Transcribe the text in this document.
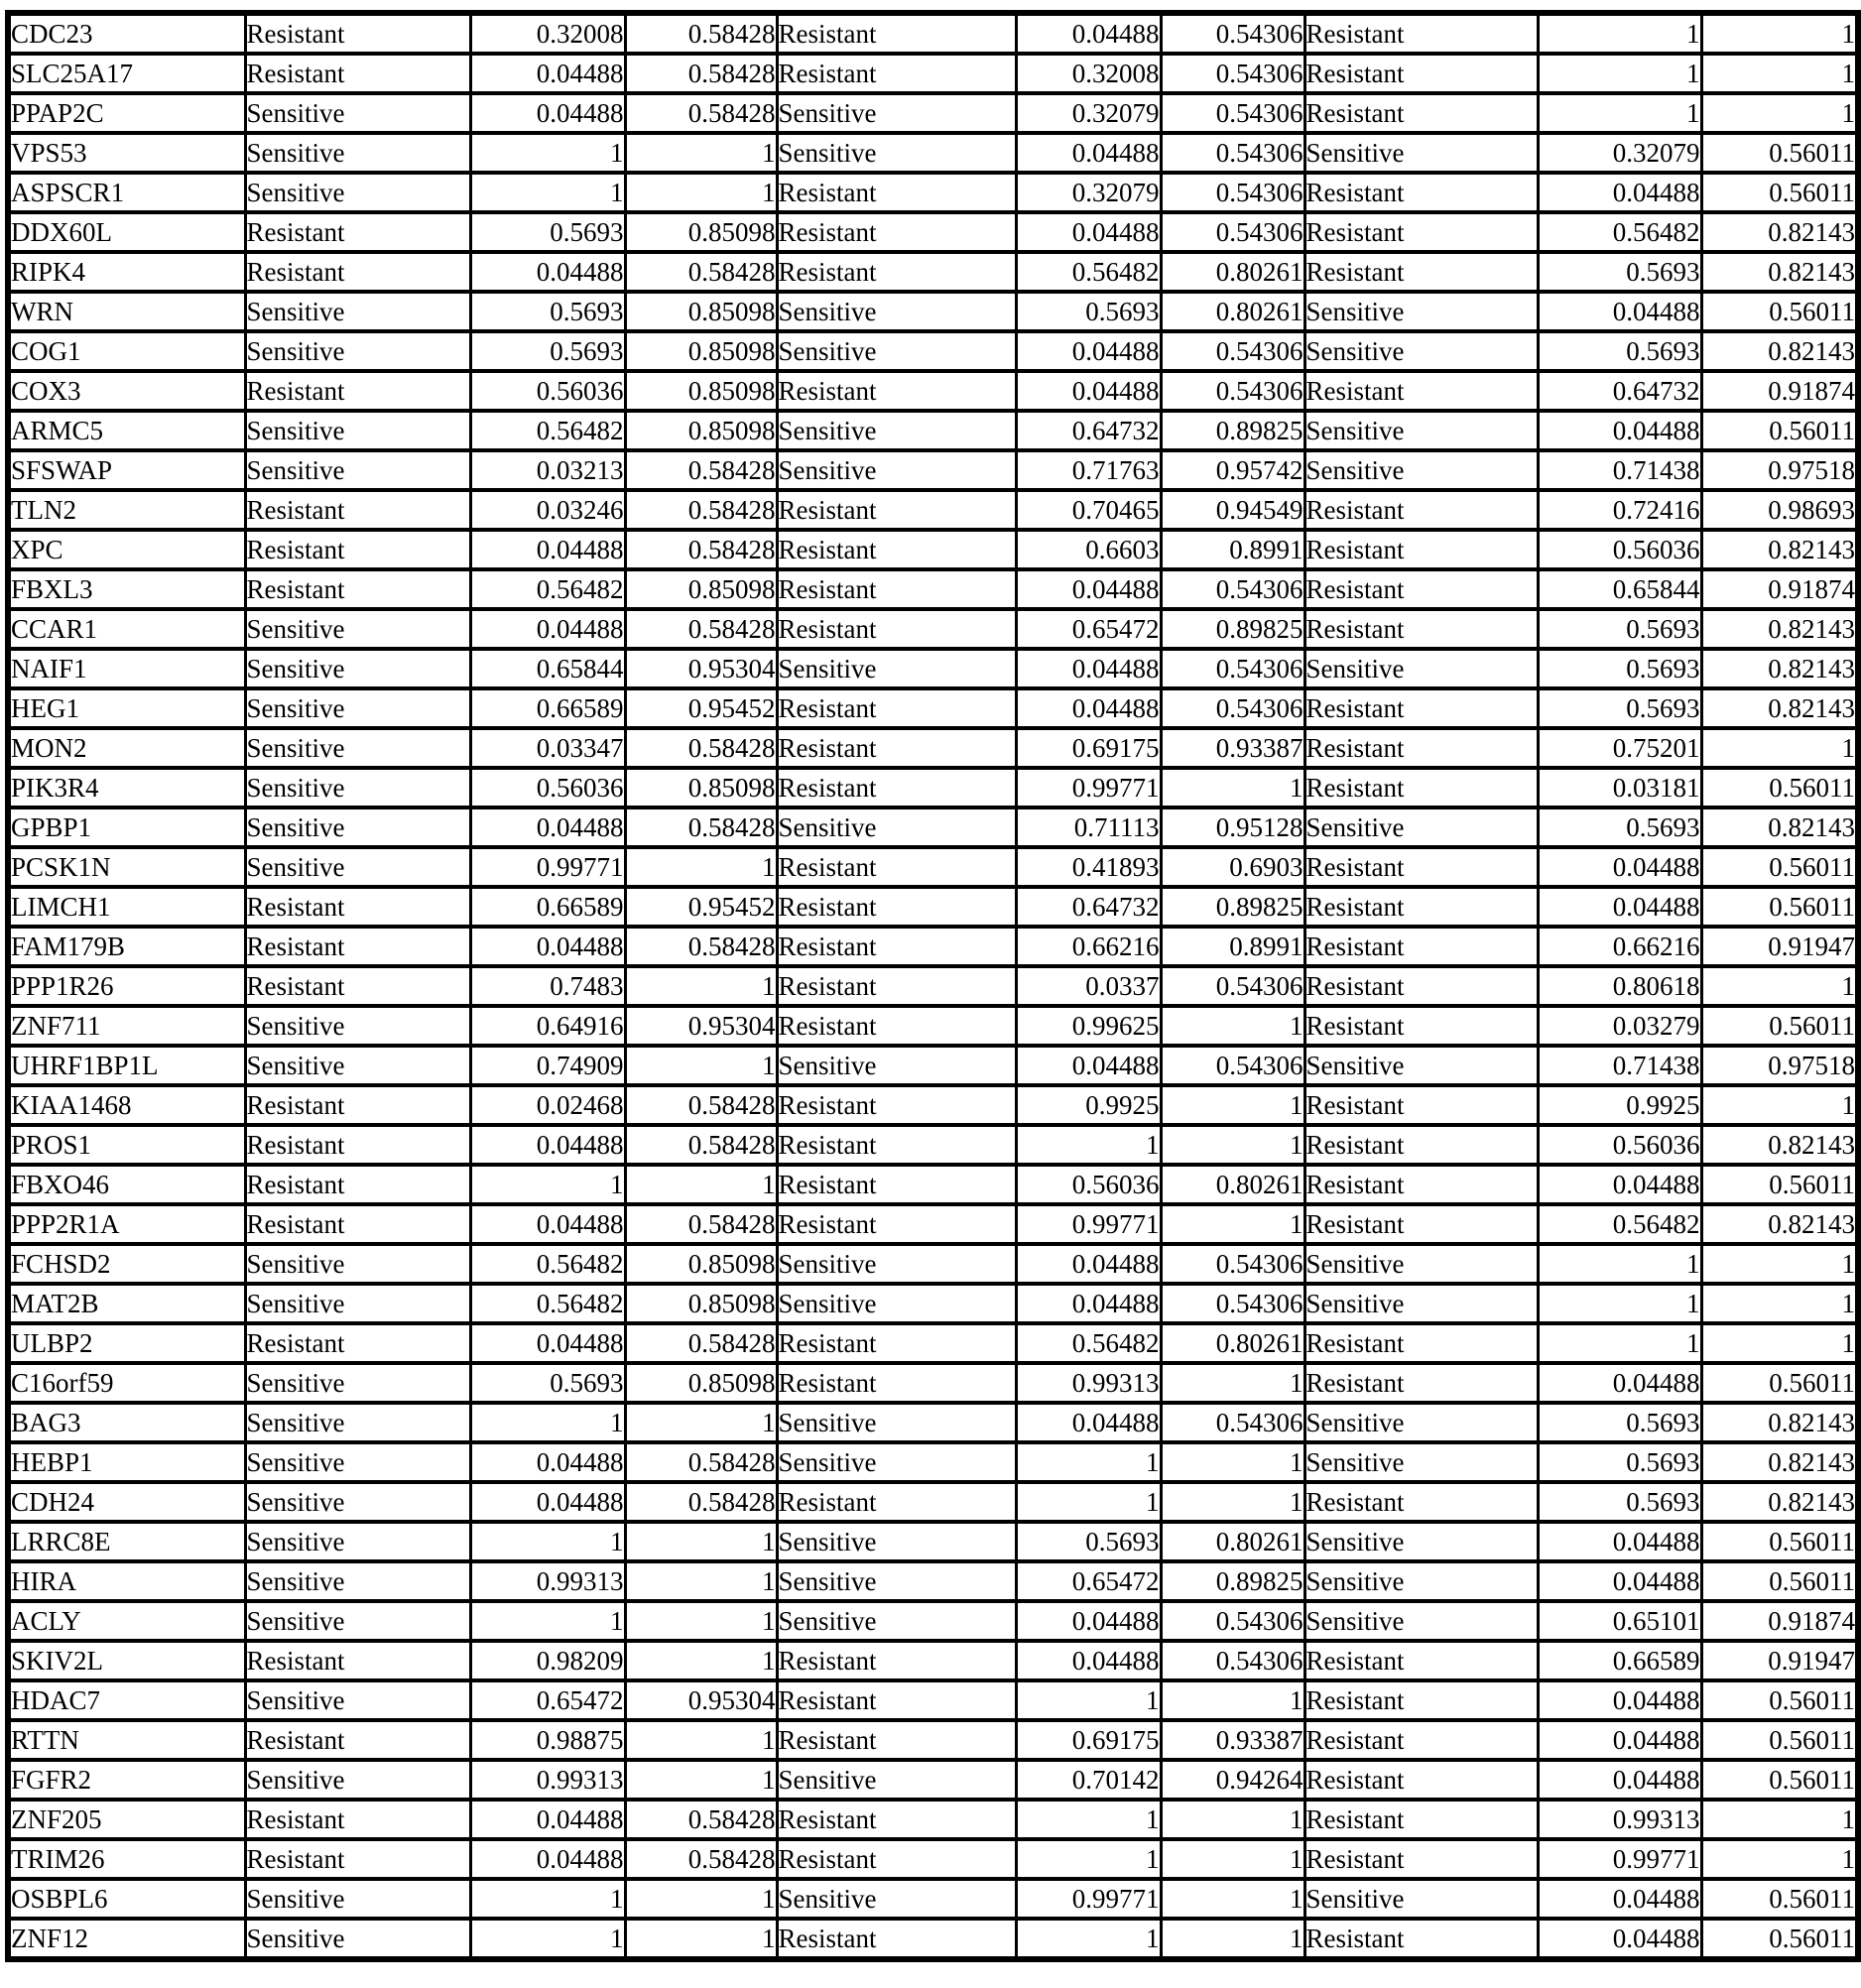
CDC23	Resistant	0.32008	0.58428	Resistant	0.04488	0.54306	Resistant	1	1
SLC25A17	Resistant	0.04488	0.58428	Resistant	0.32008	0.54306	Resistant	1	1
PPAP2C	Sensitive	0.04488	0.58428	Sensitive	0.32079	0.54306	Resistant	1	1
VPS53	Sensitive	1	1	Sensitive	0.04488	0.54306	Sensitive	0.32079	0.56011
ASPSCR1	Sensitive	1	1	Resistant	0.32079	0.54306	Resistant	0.04488	0.56011
DDX60L	Resistant	0.5693	0.85098	Resistant	0.04488	0.54306	Resistant	0.56482	0.82143
RIPK4	Resistant	0.04488	0.58428	Resistant	0.56482	0.80261	Resistant	0.5693	0.82143
WRN	Sensitive	0.5693	0.85098	Sensitive	0.5693	0.80261	Sensitive	0.04488	0.56011
COG1	Sensitive	0.5693	0.85098	Sensitive	0.04488	0.54306	Sensitive	0.5693	0.82143
COX3	Resistant	0.56036	0.85098	Resistant	0.04488	0.54306	Resistant	0.64732	0.91874
ARMC5	Sensitive	0.56482	0.85098	Sensitive	0.64732	0.89825	Sensitive	0.04488	0.56011
SFSWAP	Sensitive	0.03213	0.58428	Sensitive	0.71763	0.95742	Sensitive	0.71438	0.97518
TLN2	Resistant	0.03246	0.58428	Resistant	0.70465	0.94549	Resistant	0.72416	0.98693
XPC	Resistant	0.04488	0.58428	Resistant	0.6603	0.8991	Resistant	0.56036	0.82143
FBXL3	Resistant	0.56482	0.85098	Resistant	0.04488	0.54306	Resistant	0.65844	0.91874
CCAR1	Sensitive	0.04488	0.58428	Resistant	0.65472	0.89825	Resistant	0.5693	0.82143
NAIF1	Sensitive	0.65844	0.95304	Sensitive	0.04488	0.54306	Sensitive	0.5693	0.82143
HEG1	Sensitive	0.66589	0.95452	Resistant	0.04488	0.54306	Resistant	0.5693	0.82143
MON2	Sensitive	0.03347	0.58428	Resistant	0.69175	0.93387	Resistant	0.75201	1
PIK3R4	Sensitive	0.56036	0.85098	Resistant	0.99771	1	Resistant	0.03181	0.56011
GPBP1	Sensitive	0.04488	0.58428	Sensitive	0.71113	0.95128	Sensitive	0.5693	0.82143
PCSK1N	Sensitive	0.99771	1	Resistant	0.41893	0.6903	Resistant	0.04488	0.56011
LIMCH1	Resistant	0.66589	0.95452	Resistant	0.64732	0.89825	Resistant	0.04488	0.56011
FAM179B	Resistant	0.04488	0.58428	Resistant	0.66216	0.8991	Resistant	0.66216	0.91947
PPP1R26	Resistant	0.7483	1	Resistant	0.0337	0.54306	Resistant	0.80618	1
ZNF711	Sensitive	0.64916	0.95304	Resistant	0.99625	1	Resistant	0.03279	0.56011
UHRF1BP1L	Sensitive	0.74909	1	Sensitive	0.04488	0.54306	Sensitive	0.71438	0.97518
KIAA1468	Resistant	0.02468	0.58428	Resistant	0.9925	1	Resistant	0.9925	1
PROS1	Resistant	0.04488	0.58428	Resistant	1	1	Resistant	0.56036	0.82143
FBXO46	Resistant	1	1	Resistant	0.56036	0.80261	Resistant	0.04488	0.56011
PPP2R1A	Resistant	0.04488	0.58428	Resistant	0.99771	1	Resistant	0.56482	0.82143
FCHSD2	Sensitive	0.56482	0.85098	Sensitive	0.04488	0.54306	Sensitive	1	1
MAT2B	Sensitive	0.56482	0.85098	Sensitive	0.04488	0.54306	Sensitive	1	1
ULBP2	Resistant	0.04488	0.58428	Resistant	0.56482	0.80261	Resistant	1	1
C16orf59	Sensitive	0.5693	0.85098	Resistant	0.99313	1	Resistant	0.04488	0.56011
BAG3	Sensitive	1	1	Sensitive	0.04488	0.54306	Sensitive	0.5693	0.82143
HEBP1	Sensitive	0.04488	0.58428	Sensitive	1	1	Sensitive	0.5693	0.82143
CDH24	Sensitive	0.04488	0.58428	Resistant	1	1	Resistant	0.5693	0.82143
LRRC8E	Sensitive	1	1	Sensitive	0.5693	0.80261	Sensitive	0.04488	0.56011
HIRA	Sensitive	0.99313	1	Sensitive	0.65472	0.89825	Sensitive	0.04488	0.56011
ACLY	Sensitive	1	1	Sensitive	0.04488	0.54306	Sensitive	0.65101	0.91874
SKIV2L	Resistant	0.98209	1	Resistant	0.04488	0.54306	Resistant	0.66589	0.91947
HDAC7	Sensitive	0.65472	0.95304	Resistant	1	1	Resistant	0.04488	0.56011
RTTN	Resistant	0.98875	1	Resistant	0.69175	0.93387	Resistant	0.04488	0.56011
FGFR2	Sensitive	0.99313	1	Sensitive	0.70142	0.94264	Resistant	0.04488	0.56011
ZNF205	Resistant	0.04488	0.58428	Resistant	1	1	Resistant	0.99313	1
TRIM26	Resistant	0.04488	0.58428	Resistant	1	1	Resistant	0.99771	1
OSBPL6	Sensitive	1	1	Sensitive	0.99771	1	Sensitive	0.04488	0.56011
ZNF12	Sensitive	1	1	Resistant	1	1	Resistant	0.04488	0.56011
